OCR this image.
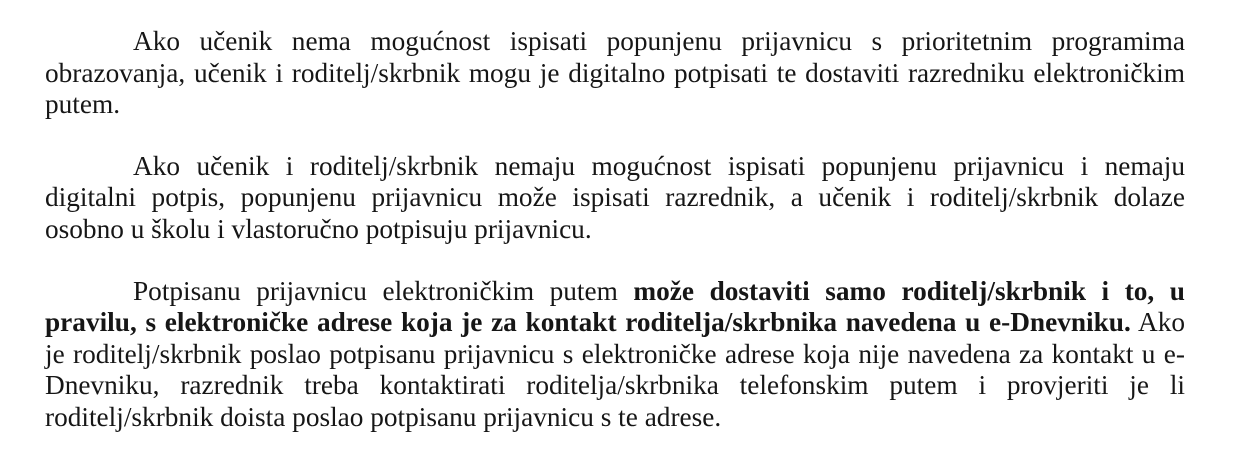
Ako učenik nema mogućnost ispisati popunjenu prijavnicu s prioritetnim programima
obrazovanja, učenik i roditelj/skrbnik mogu je digitalno potpisati te dostaviti razredniku elektroničkim
putem.
Ako učenik i roditelj/skrbnik nemaju mogućnost ispisati popunjenu prijavnicu i nemaju
digitalni potpis, popunjenu prijavnicu može ispisati razrednik, a učenik i roditelj/skrbnik dolaze
osobno u školu i vlastoručno potpisuju prijavnicu.
Potpisanu prijavnicu elektroničkim putem može dostaviti samo roditelj/skrbnik i to, u
pravilu, s elektroničke adrese koja je za kontakt roditelja/skrbnika navedena u e-Dnevniku. Ako
je roditelj/skrbnik poslao potpisanu prijavnicu s elektroničke adrese koja nije navedena za kontakt u e-
Dnevniku, razrednik treba kontaktirati roditelja/skrbnika telefonskim putem i provjeriti je li
roditelj/skrbnik doista poslao potpisanu prijavnicu s te adrese.
